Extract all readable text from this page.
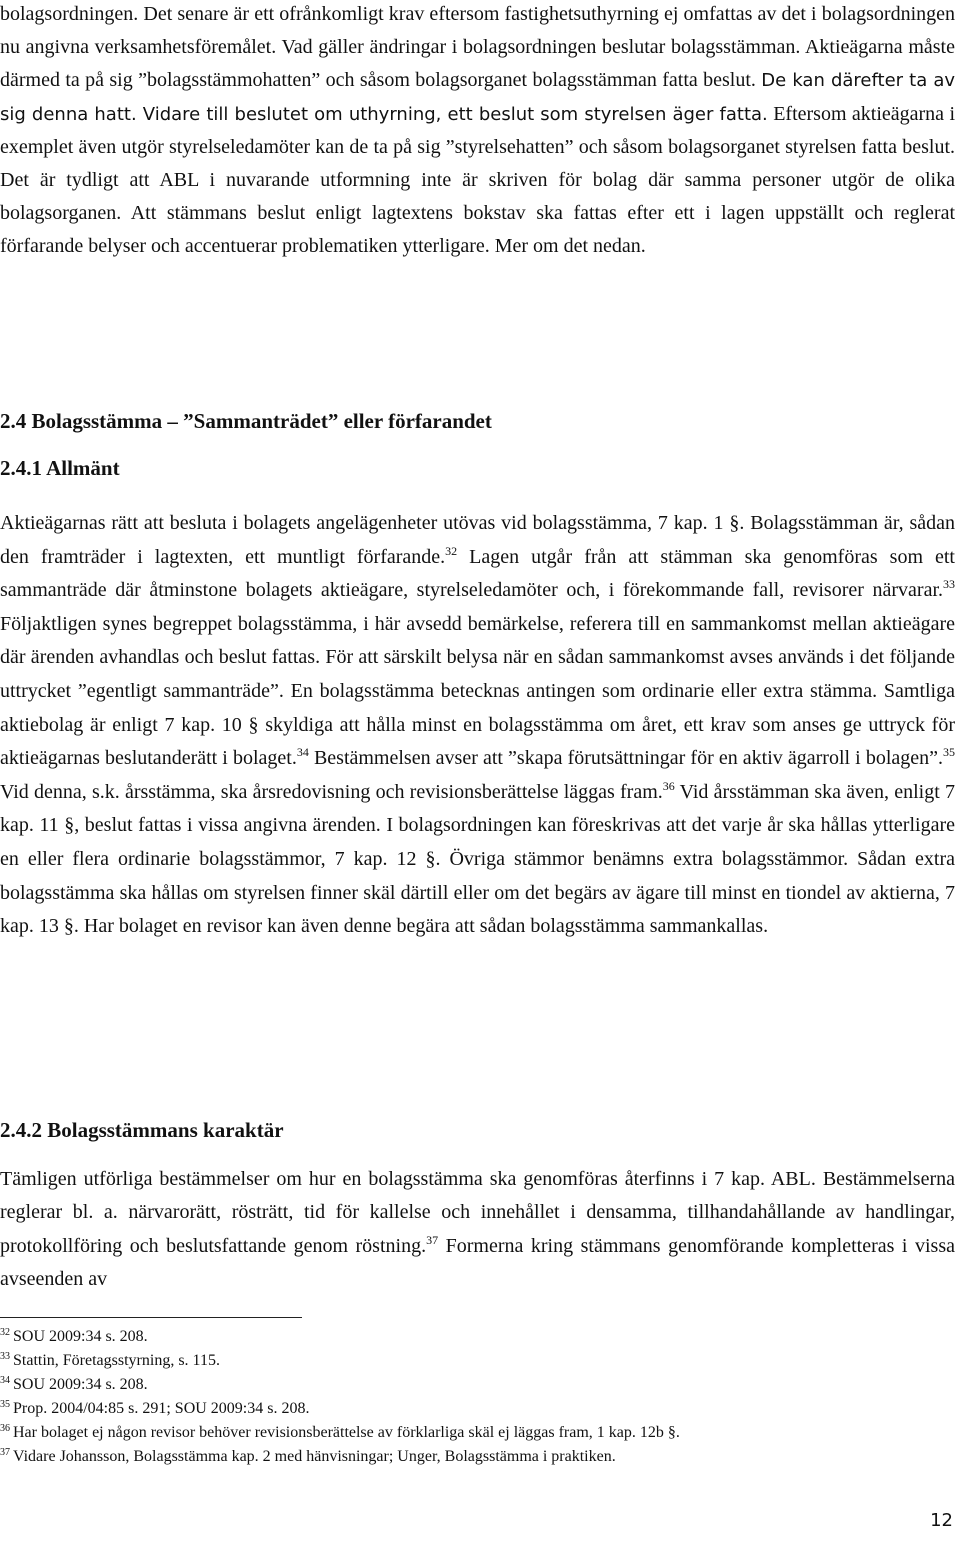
bolagsordningen. Det senare är ett ofrånkomligt krav eftersom fastighetsuthyrning ej omfattas av det i bolagsordningen nu angivna verksamhetsföremålet. Vad gäller ändringar i bolagsordningen beslutar bolagsstämman. Aktieägarna måste därmed ta på sig ”bolagsstämmohatten” och såsom bolagsorganet bolagsstämman fatta beslut. De kan därefter ta av sig denna hatt. Vidare till beslutet om uthyrning, ett beslut som styrelsen äger fatta. Eftersom aktieägarna i exemplet även utgör styrelseledamöter kan de ta på sig ”styrelsehatten” och såsom bolagsorganet styrelsen fatta beslut. Det är tydligt att ABL i nuvarande utformning inte är skriven för bolag där samma personer utgör de olika bolagsorganen. Att stämmans beslut enligt lagtextens bokstav ska fattas efter ett i lagen uppställt och reglerat förfarande belyser och accentuerar problematiken ytterligare. Mer om det nedan.

2.4 Bolagsstämma – ”Sammanträdet” eller förfarandet
2.4.1 Allmänt

Aktieägarnas rätt att besluta i bolagets angelägenheter utövas vid bolagsstämma, 7 kap. 1 §. Bolagsstämman är, sådan den framträder i lagtexten, ett muntligt förfarande.$^{32}$ Lagen utgår från att stämman ska genomföras som ett sammanträde där åtminstone bolagets aktieägare, styrelseledamöter och, i förekommande fall, revisorer närvarar.$^{33}$ Följaktligen synes begreppet bolagsstämma, i här avsedd bemärkelse, referera till en sammankomst mellan aktieägare där ärenden avhandlas och beslut fattas. För att särskilt belysa när en sådan sammankomst avses används i det följande uttrycket ”egentligt sammanträde”. En bolagsstämma betecknas antingen som ordinarie eller extra stämma. Samtliga aktiebolag är enligt 7 kap. 10 § skyldiga att hålla minst en bolagsstämma om året, ett krav som anses ge uttryck för aktieägarnas beslutanderätt i bolaget.$^{34}$ Bestämmelsen avser att ”skapa förutsättningar för en aktiv ägarroll i bolagen”.$^{35}$ Vid denna, s.k. årsstämma, ska årsredovisning och revisionsberättelse läggas fram.$^{36}$ Vid årsstämman ska även, enligt 7 kap. 11 §, beslut fattas i vissa angivna ärenden. I bolagsordningen kan föreskrivas att det varje år ska hållas ytterligare en eller flera ordinarie bolagsstämmor, 7 kap. 12 §. Övriga stämmor benämns extra bolagsstämmor. Sådan extra bolagsstämma ska hållas om styrelsen finner skäl därtill eller om det begärs av ägare till minst en tiondel av aktierna, 7 kap. 13 §. Har bolaget en revisor kan även denne begära att sådan bolagsstämma sammankallas.

2.4.2 Bolagsstämmans karaktär

Tämligen utförliga bestämmelser om hur en bolagsstämma ska genomföras återfinns i 7 kap. ABL. Bestämmelserna reglerar bl. a. närvarorätt, rösträtt, tid för kallelse och innehållet i densamma, tillhandahållande av handlingar, protokollföring och beslutsfattande genom röstning.$^{37}$ Formerna kring stämmans genomförande kompletteras i vissa avseenden av

$^{32}$ SOU 2009:34 s. 208.

$^{33}$ Stattin, Företagsstyrning, s. 115.

$^{34}$ SOU 2009:34 s. 208.

$^{35}$ Prop. 2004/04:85 s. 291; SOU 2009:34 s. 208.

$^{36}$ Har bolaget ej någon revisor behöver revisionsberättelse av förklarliga skäl ej läggas fram, 1 kap. 12b §.

$^{37}$ Vidare Johansson, Bolagsstämma kap. 2 med hänvisningar; Unger, Bolagsstämma i praktiken.

12
